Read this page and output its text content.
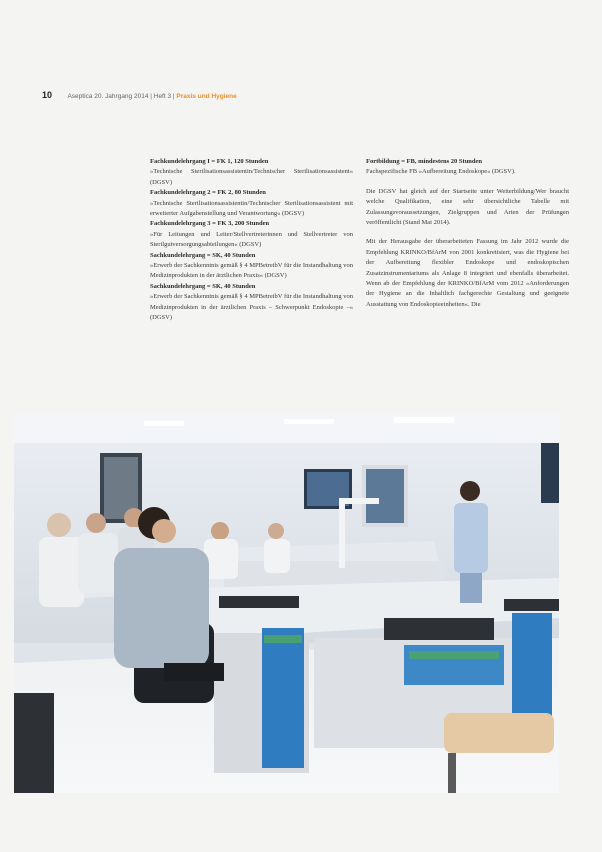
10 Aseptica 20. Jahrgang 2014 | Heft 3 | Praxis und Hygiene

Fachkundelehrgang I = FK 1, 120 Stunden

»Technische Sterilisationsassistentin/Technischer Sterilisationsassistent« (DGSV)

Fachkundelehrgang 2 = FK 2, 80 Stunden

»Technische Sterilisationsassistentin/Technischer Sterilisationsassistent mit erweiterter Aufgabenstellung und Verantwortung« (DGSV)

Fachkundelehrgang 3 = FK 3, 200 Stunden

»Für Leitungen und Leiter/Stellvertreterinnen und Stellvertreter von Sterilgutversorgungsabteilungen« (DGSV)

Sachkundelehrgang = SK, 40 Stunden

»Erwerb der Sachkenntnis gemäß § 4 MPBetreibV für die Instandhaltung von Medizinprodukten in der ärztlichen Praxis« (DGSV)

Sachkundelehrgang = SK, 40 Stunden

»Erwerb der Sachkenntnis gemäß § 4 MPBetreibV für die Instandhaltung von Medizinprodukten in der ärztlichen Praxis – Schwerpunkt Endoskopie –« (DGSV)

Fortbildung = FB, mindestens 20 Stunden

Fachspezifische FB »Aufbereitung Endoskope« (DGSV).

Die DGSV hat gleich auf der Startseite unter Weiterbildung/Wer braucht welche Qualifikation, eine sehr übersichtliche Tabelle mit Zulassungsvoraussetzungen, Zielgruppen und Arten der Prüfungen veröffentlicht (Stand Mai 2014).

Mit der Herausgabe der überarbeiteten Fassung im Jahr 2012 wurde die Empfehlung KRINKO/BfArM von 2001 konkretisiert, was die Hygiene bei der Aufbereitung flexibler Endoskope und endoskopischen Zusatzinstrumentariums als Anlage 8 integriert und ebenfalls überarbeitet. Wenn ab der Empfehlung der KRINKO/BfArM vom 2012 »Anforderungen der Hygiene an die Inhaltlich fachgerechte Gestaltung und geeignete Ausstattung von Endoskopieeinheiten«. Die
